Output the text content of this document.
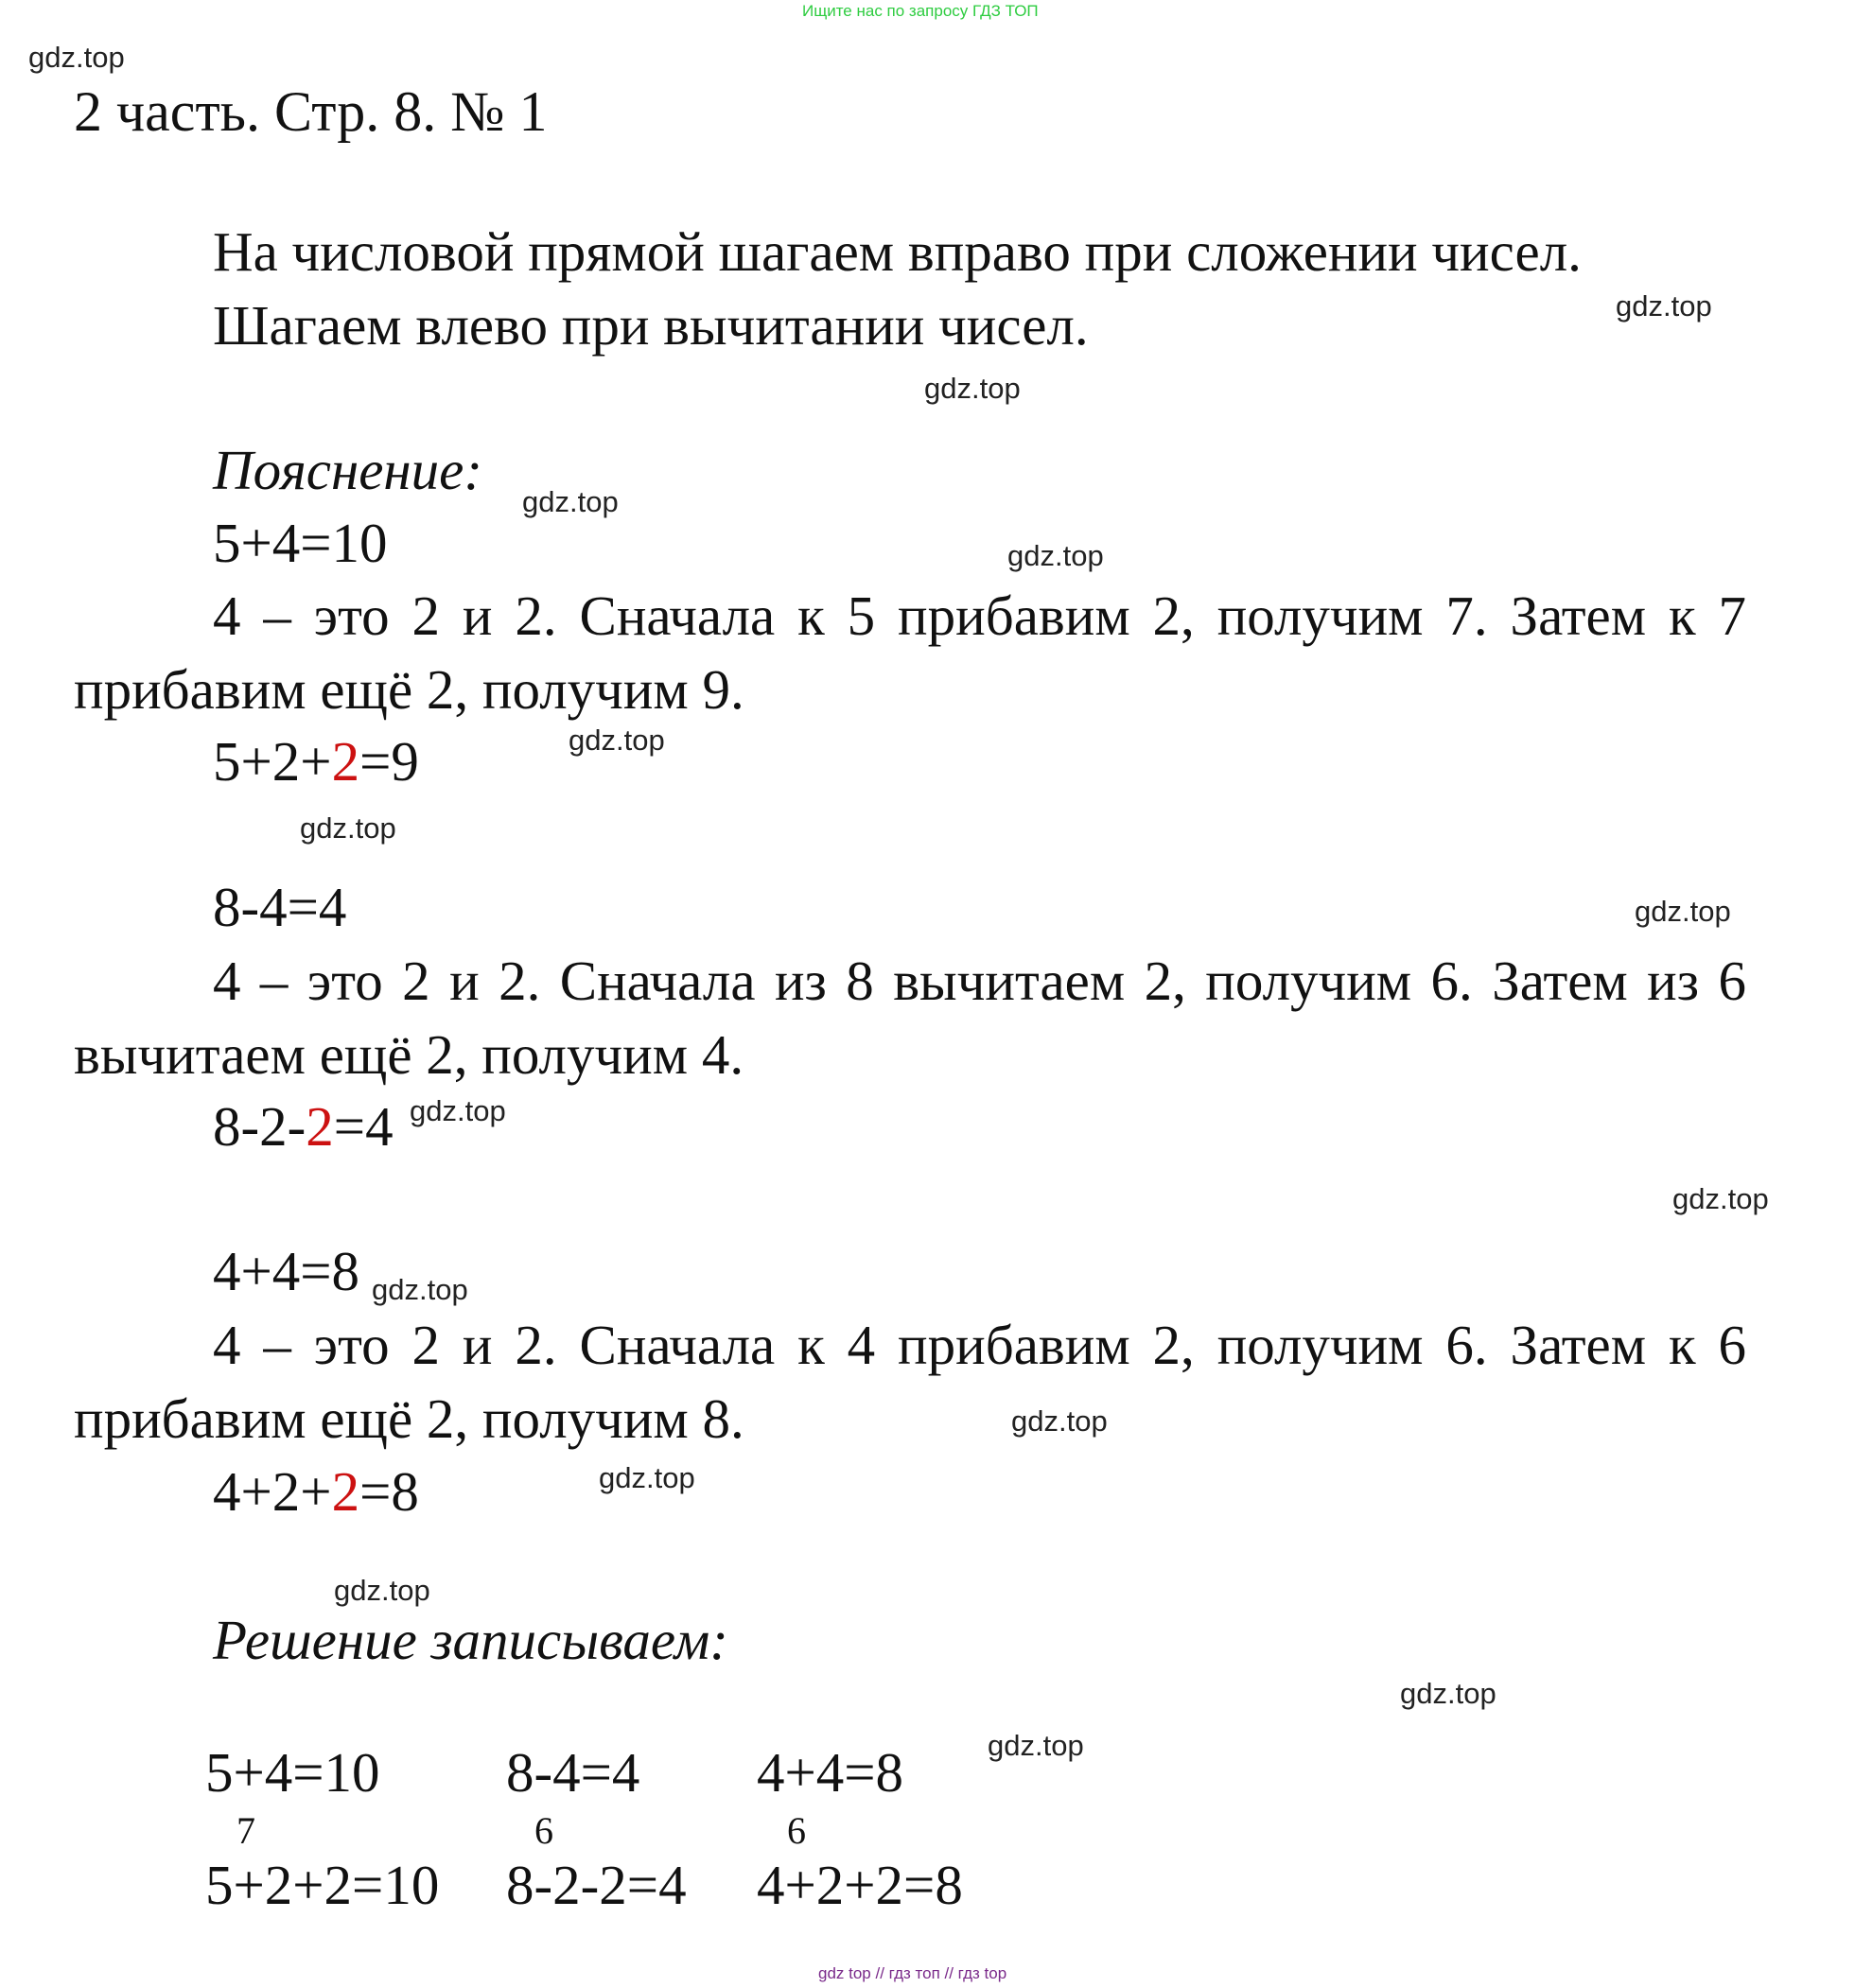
Ищите нас по запросу ГДЗ ТОП
2 часть. Стр. 8. № 1
На числовой прямой шагаем вправо при сложении чисел.
Шагаем влево при вычитании чисел.
Пояснение:
5+4=10
4 – это 2 и 2. Сначала к 5 прибавим 2, получим 7. Затем к 7 прибавим ещё 2, получим 9.
5+2+2=9
8-4=4
4 – это 2 и 2. Сначала из 8 вычитаем 2, получим 6. Затем из 6 вычитаем ещё 2, получим 4.
8-2-2=4
4+4=8
4 – это 2 и 2. Сначала к 4 прибавим 2, получим 6. Затем к 6 прибавим ещё 2, получим 8.
4+2+2=8
Решение записываем:
5+4=10
7
5+2+2=10
8-4=4
6
8-2-2=4
4+4=8
6
4+2+2=8
gdz.top
gdz.top
gdz.top
gdz.top
gdz.top
gdz.top
gdz.top
gdz.top
gdz.top
gdz.top
gdz.top
gdz.top
gdz.top
gdz.top
gdz.top
gdz.top
gdz top // гдз топ // гдз top
